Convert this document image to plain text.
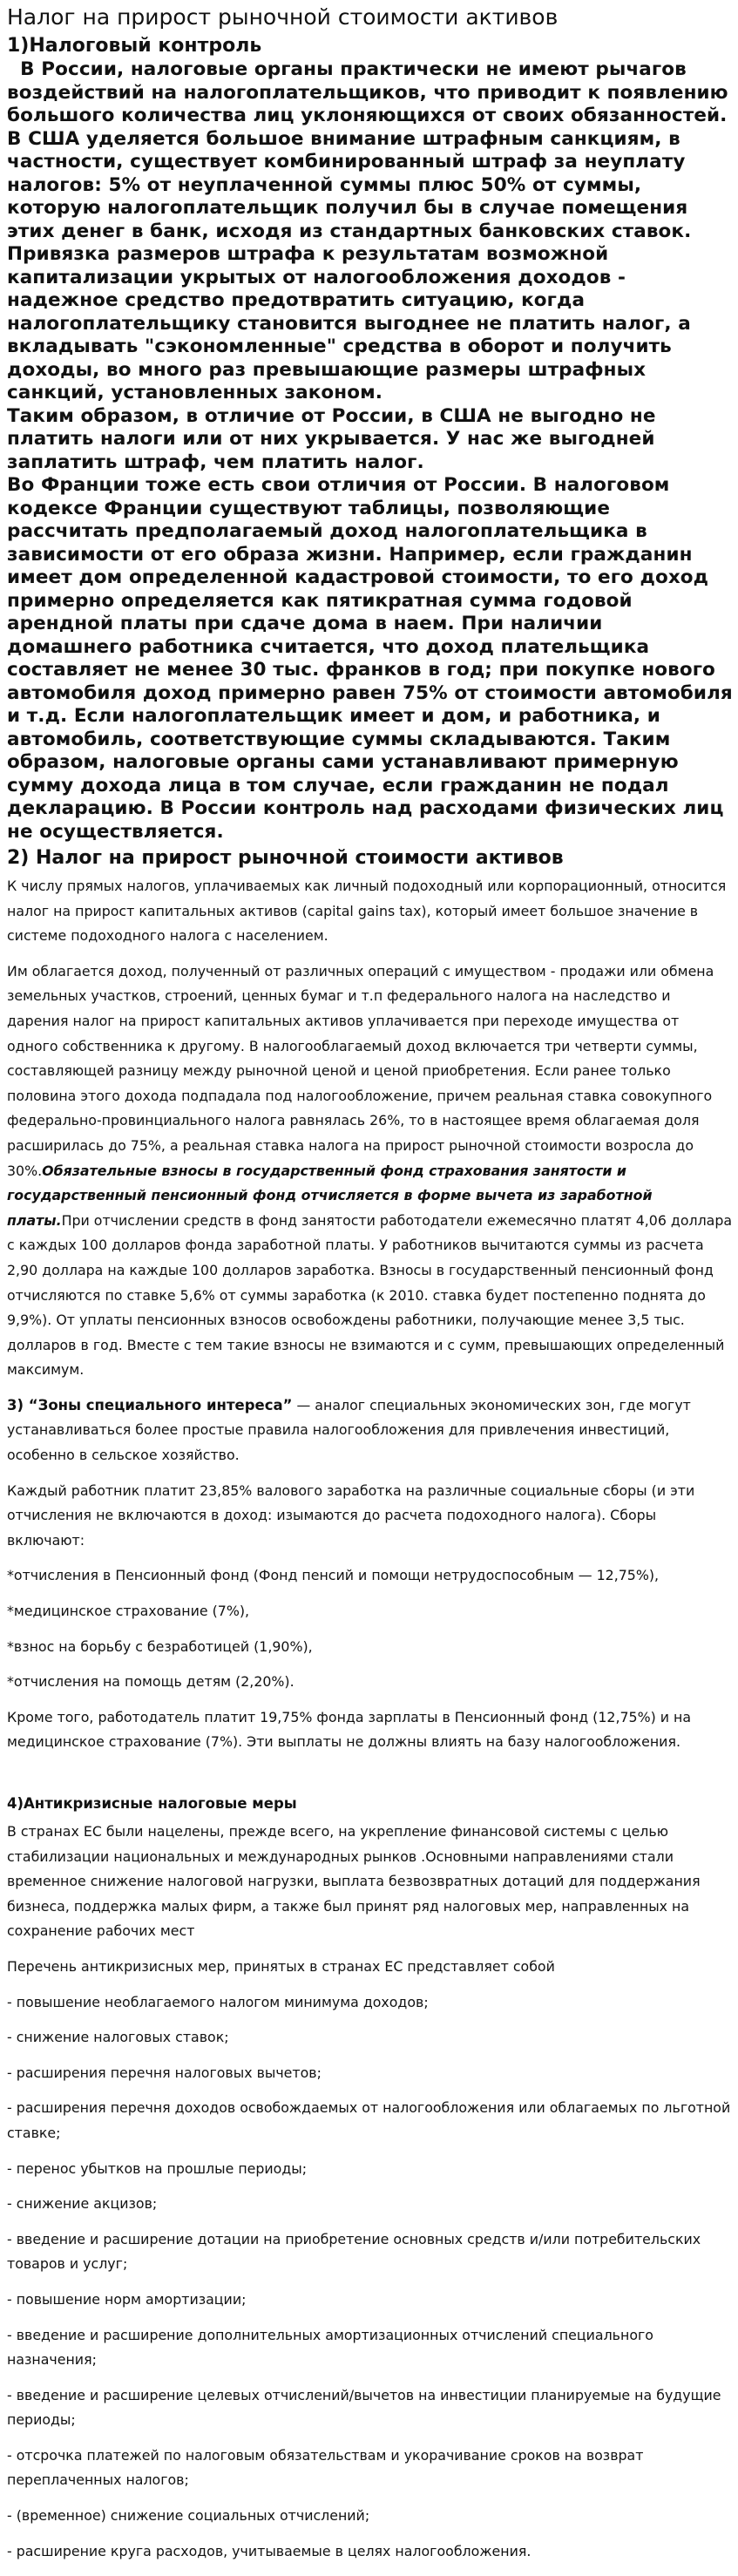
Налог на прирост рыночной стоимости активов
1)Налоговый контроль

В России, налоговые органы практически не имеют рычагов воздействий на налогоплательщиков, что приводит к появлению большого количества лиц уклоняющихся от своих обязанностей.

В США уделяется большое внимание штрафным санкциям, в частности, существует комбинированный штраф за неуплату налогов: 5% от неуплаченной суммы плюс 50% от суммы, которую налогоплательщик получил бы в случае помещения этих денег в банк, исходя из стандартных банковских ставок. Привязка размеров штрафа к результатам возможной капитализации укрытых от налогообложения доходов - надежное средство предотвратить ситуацию, когда налогоплательщику становится выгоднее не платить налог, а вкладывать "сэкономленные" средства в оборот и получить доходы, во много раз превышающие размеры штрафных санкций, установленных законом.

Таким образом, в отличие от России, в США не выгодно не платить налоги или от них укрывается. У нас же выгодней заплатить штраф, чем платить налог.

Во Франции тоже есть свои отличия от России. В налоговом кодексе Франции существуют таблицы, позволяющие рассчитать предполагаемый доход налогоплательщика в зависимости от его образа жизни. Например, если гражданин имеет дом определенной кадастровой стоимости, то его доход примерно определяется как пятикратная сумма годовой арендной платы при сдаче дома в наем. При наличии домашнего работника считается, что доход плательщика составляет не менее 30 тыс. франков в год; при покупке нового автомобиля доход примерно равен 75% от стоимости автомобиля и т.д. Если налогоплательщик имеет и дом, и работника, и автомобиль, соответствующие суммы складываются. Таким образом, налоговые органы сами устанавливают примерную сумму дохода лица в том случае, если гражданин не подал декларацию. В России контроль над расходами физических лиц не осуществляется.

2) Налог на прирост рыночной стоимости активов

К числу прямых налогов, уплачиваемых как личный подоходный или корпорационный, относится налог на прирост капитальных активов (capital gains tax), который имеет большое значение в системе подоходного налога с населением.

Им облагается доход, полученный от различных операций с имуществом - продажи или обмена земельных участков, строений, ценных бумаг и т.п федерального налога на наследство и дарения налог на прирост капитальных активов уплачивается при переходе имущества от одного собственника к другому. В налогооблагаемый доход включается три четверти суммы, составляющей разницу между рыночной ценой и ценой приобретения. Если ранее только половина этого дохода подпадала под налогообложение, причем реальная ставка совокупного федерально-провинциального налога равнялась 26%, то в настоящее время облагаемая доля расширилась до 75%, а реальная ставка налога на прирост рыночной стоимости возросла до 30%.Обязательные взносы в государственный фонд страхования занятости и государственный пенсионный фонд отчисляется в форме вычета из заработной платы.При отчислении средств в фонд занятости работодатели ежемесячно платят 4,06 доллара с каждых 100 долларов фонда заработной платы. У работников вычитаются суммы из расчета 2,90 доллара на каждые 100 долларов заработка. Взносы в государственный пенсионный фонд отчисляются по ставке 5,6% от суммы заработка (к 2010. ставка будет постепенно поднята до 9,9%). От уплаты пенсионных взносов освобождены работники, получающие менее 3,5 тыс. долларов в год. Вместе с тем такие взносы не взимаются и с сумм, превышающих определенный максимум.

3) “Зоны специального интереса” — аналог специальных экономических зон, где могут устанавливаться более простые правила налогообложения для привлечения инвестиций, особенно в сельское хозяйство.

Каждый работник платит 23,85% валового заработка на различные социальные сборы (и эти отчисления не включаются в доход: изымаются до расчета подоходного налога). Сборы включают:

*отчисления в Пенсионный фонд (Фонд пенсий и помощи нетрудоспособным — 12,75%),

*медицинское страхование (7%),

*взнос на борьбу с безработицей (1,90%),

*отчисления на помощь детям (2,20%).

Кроме того, работодатель платит 19,75% фонда зарплаты в Пенсионный фонд (12,75%) и на медицинское страхование (7%). Эти выплаты не должны влиять на базу налогообложения.

4)Антикризисные налоговые меры

В странах ЕС были нацелены, прежде всего, на укрепление финансовой системы с целью стабилизации национальных и международных рынков .Основными направлениями стали временное снижение налоговой нагрузки, выплата безвозвратных дотаций для поддержания бизнеса, поддержка малых фирм, а также был принят ряд налоговых мер, направленных на сохранение рабочих мест

Перечень антикризисных мер, принятых в странах ЕС представляет собой

- повышение необлагаемого налогом минимума доходов;

- снижение налоговых ставок;

- расширения перечня налоговых вычетов;

- расширения перечня доходов освобождаемых от налогообложения или облагаемых по льготной ставке;

- перенос убытков на прошлые периоды;

- снижение акцизов;

- введение и расширение дотации на приобретение основных средств и/или потребительских товаров и услуг;

- повышение норм амортизации;

- введение и расширение дополнительных амортизационных отчислений специального назначения;

- введение и расширение целевых отчислений/вычетов на инвестиции планируемые на будущие периоды;

- отсрочка платежей по налоговым обязательствам и укорачивание сроков на возврат переплаченных налогов;

- (временное) снижение социальных отчислений;

- расширение круга расходов, учитываемые в целях налогообложения.
